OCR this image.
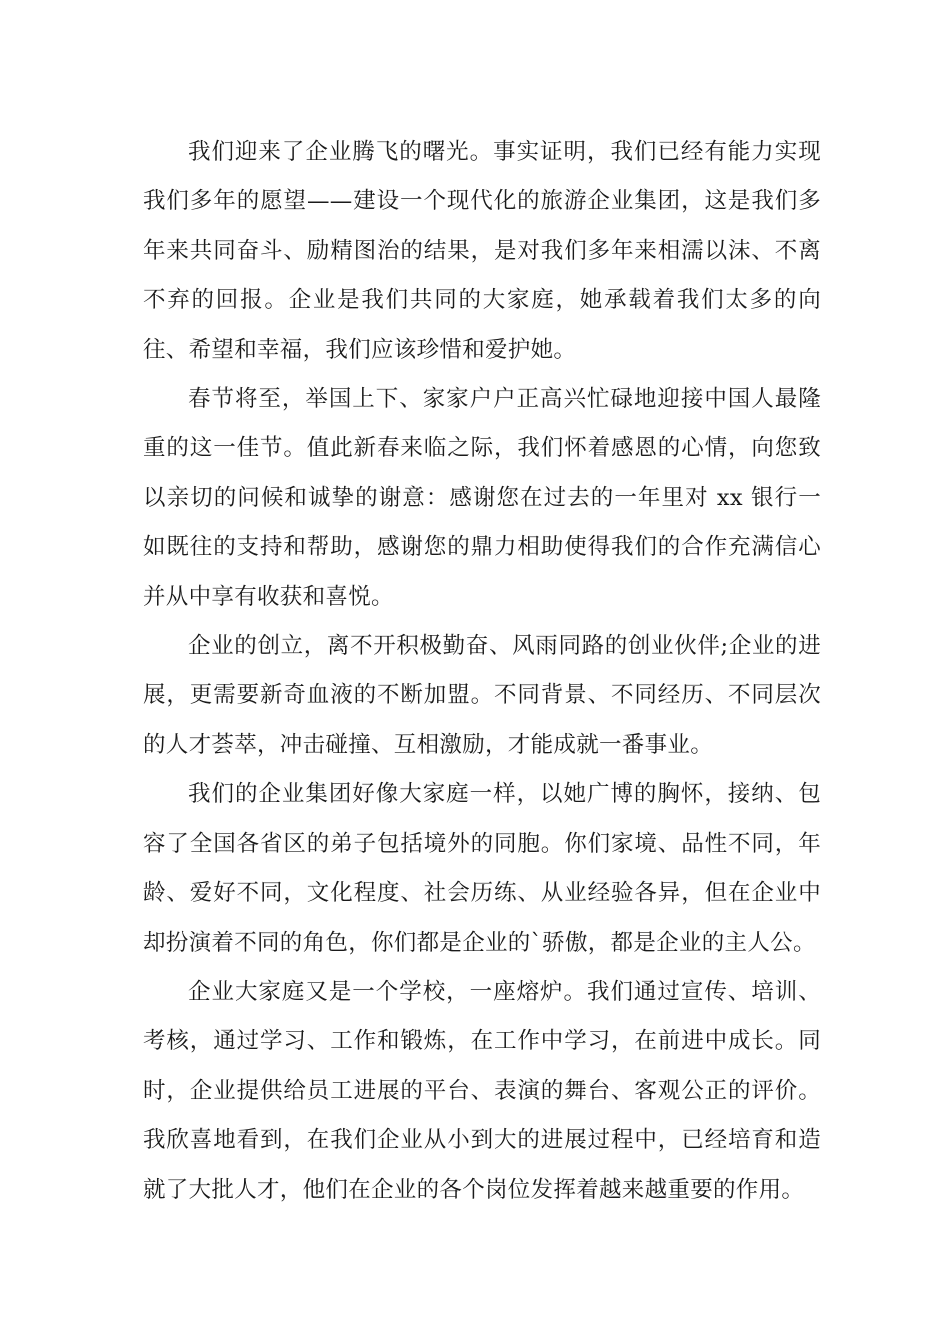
我们迎来了企业腾飞的曙光。事实证明，我们已经有能力实现我们多年的愿望——建设一个现代化的旅游企业集团，这是我们多年来共同奋斗、励精图治的结果，是对我们多年来相濡以沫、不离不弃的回报。企业是我们共同的大家庭，她承载着我们太多的向往、希望和幸福，我们应该珍惜和爱护她。

春节将至，举国上下、家家户户正高兴忙碌地迎接中国人最隆重的这一佳节。值此新春来临之际，我们怀着感恩的心情，向您致以亲切的问候和诚挚的谢意：感谢您在过去的一年里对 xx 银行一如既往的支持和帮助，感谢您的鼎力相助使得我们的合作充满信心并从中享有收获和喜悦。

企业的创立，离不开积极勤奋、风雨同路的创业伙伴;企业的进展，更需要新奇血液的不断加盟。不同背景、不同经历、不同层次的人才荟萃，冲击碰撞、互相激励，才能成就一番事业。

我们的企业集团好像大家庭一样，以她广博的胸怀，接纳、包容了全国各省区的弟子包括境外的同胞。你们家境、品性不同，年龄、爱好不同，文化程度、社会历练、从业经验各异，但在企业中却扮演着不同的角色，你们都是企业的`骄傲，都是企业的主人公。

企业大家庭又是一个学校，一座熔炉。我们通过宣传、培训、考核，通过学习、工作和锻炼，在工作中学习，在前进中成长。同时，企业提供给员工进展的平台、表演的舞台、客观公正的评价。我欣喜地看到，在我们企业从小到大的进展过程中，已经培育和造就了大批人才，他们在企业的各个岗位发挥着越来越重要的作用。
